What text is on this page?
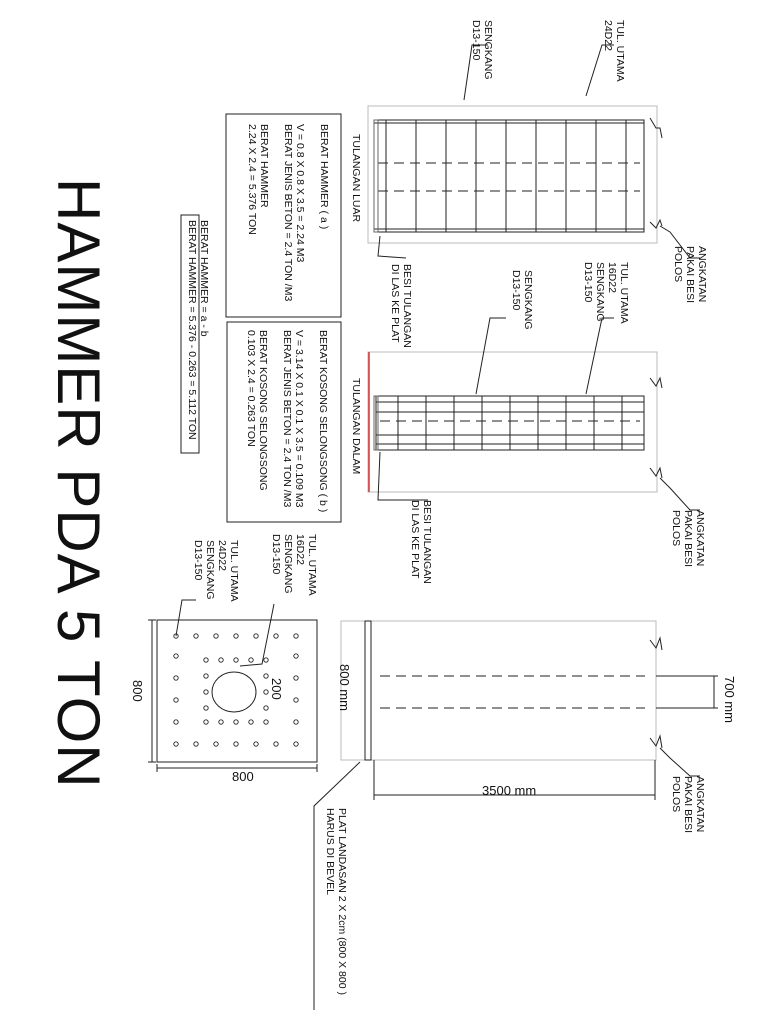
HAMMER PDA 5 TON
BERAT HAMMER ( a )

V = 0.8 X 0.8 X 3.5 = 2.24 M3
BERAT JENIS BETON = 2.4 TON /M3

BERAT HAMMER
2.24 X 2.4 = 5.376 TON
BERAT KOSONG SELONGSONG ( b )

V = 3.14 X 0.1 X 0.1 X 3.5 = 0.109 M3
BERAT JENIS BETON = 2.4 TON /M3

BERAT KOSONG SELONGSONG
0.103 X 2.4 = 0.263 TON
BERAT HAMMER = a - b
BERAT HAMMER = 5.376 - 0.263 = 5.112 TON
SENGKANG
D13-150	TUL. UTAMA
24D22
TULANGAN LUAR
BESI TULANGAN
DI LAS KE PLAT	ANGKATAN
PAKAI BESI
POLOS
SENGKANG
D13-150	TUL. UTAMA
16D22
SENGKANG
D13-150
TULANGAN DALAM
BESI TULANGAN
DI LAS KE PLAT	ANGKATAN
PAKAI BESI
POLOS
TUL. UTAMA
16D22
SENGKANG
D13-150
TUL. UTAMA
24D22
SENGKANG
D13-150
200
800
800
800 mm
3500 mm
700 mm
ANGKATAN
PAKAI BESI
POLOS
PLAT LANDASAN 2 X 2cm (800 X 800 )
HARUS DI BEVEL
